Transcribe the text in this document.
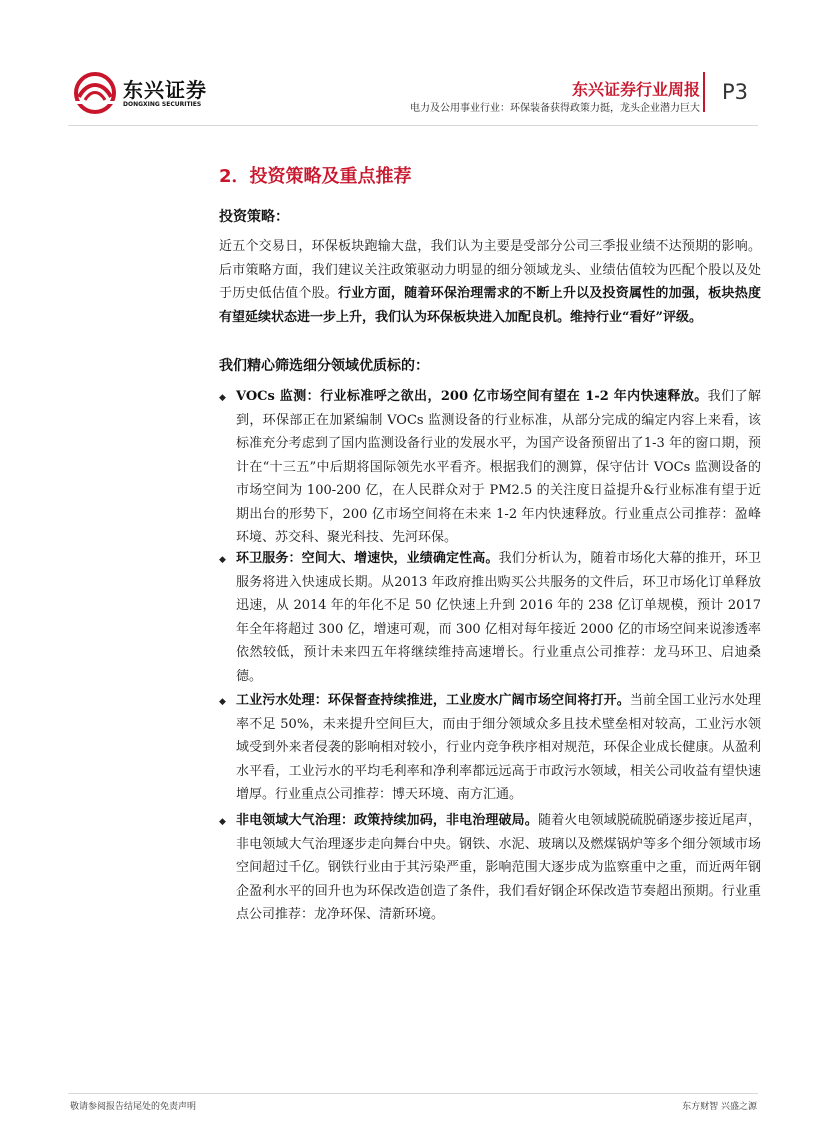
东兴证券
DONGXING SECURITIES
东兴证券行业周报
电力及公用事业行业：环保装备获得政策力挺，龙头企业潜力巨大
P3
2．投资策略及重点推荐
投资策略：

近五个交易日，环保板块跑输大盘，我们认为主要是受部分公司三季报业绩不达预期的影响。后市策略方面，我们建议关注政策驱动力明显的细分领域龙头、业绩估值较为匹配个股以及处于历史低估值个股。行业方面，随着环保治理需求的不断上升以及投资属性的加强，板块热度有望延续状态进一步上升，我们认为环保板块进入加配良机。维持行业“看好”评级。

我们精心筛选细分领域优质标的：
◆ VOCs 监测：行业标准呼之欲出，200 亿市场空间有望在 1-2 年内快速释放。我们了解到，环保部正在加紧编制 VOCs 监测设备的行业标准，从部分完成的编定内容上来看，该标准充分考虑到了国内监测设备行业的发展水平，为国产设备预留出了1-3 年的窗口期，预计在“十三五”中后期将国际领先水平看齐。根据我们的测算，保守估计 VOCs 监测设备的市场空间为 100-200 亿，在人民群众对于 PM2.5 的关注度日益提升&行业标准有望于近期出台的形势下，200 亿市场空间将在未来 1-2 年内快速释放。行业重点公司推荐：盈峰环境、苏交科、聚光科技、先河环保。

◆ 环卫服务：空间大、增速快，业绩确定性高。我们分析认为，随着市场化大幕的推开，环卫服务将进入快速成长期。从2013 年政府推出购买公共服务的文件后，环卫市场化订单释放迅速，从 2014 年的年化不足 50 亿快速上升到 2016 年的 238 亿订单规模，预计 2017 年全年将超过 300 亿，增速可观，而 300 亿相对每年接近 2000 亿的市场空间来说渗透率依然较低，预计未来四五年将继续维持高速增长。行业重点公司推荐：龙马环卫、启迪桑德。

◆ 工业污水处理：环保督查持续推进，工业废水广阔市场空间将打开。当前全国工业污水处理率不足 50%，未来提升空间巨大，而由于细分领域众多且技术壁垒相对较高，工业污水领域受到外来者侵袭的影响相对较小，行业内竞争秩序相对规范，环保企业成长健康。从盈利水平看，工业污水的平均毛利率和净利率都远远高于市政污水领域，相关公司收益有望快速增厚。行业重点公司推荐：博天环境、南方汇通。

◆ 非电领域大气治理：政策持续加码，非电治理破局。随着火电领域脱硫脱硝逐步接近尾声，非电领域大气治理逐步走向舞台中央。钢铁、水泥、玻璃以及燃煤锅炉等多个细分领域市场空间超过千亿。钢铁行业由于其污染严重，影响范围大逐步成为监察重中之重，而近两年钢企盈利水平的回升也为环保改造创造了条件，我们看好钢企环保改造节奏超出预期。行业重点公司推荐：龙净环保、清新环境。

敬请参阅报告结尾处的免责声明	东方财智 兴盛之源
